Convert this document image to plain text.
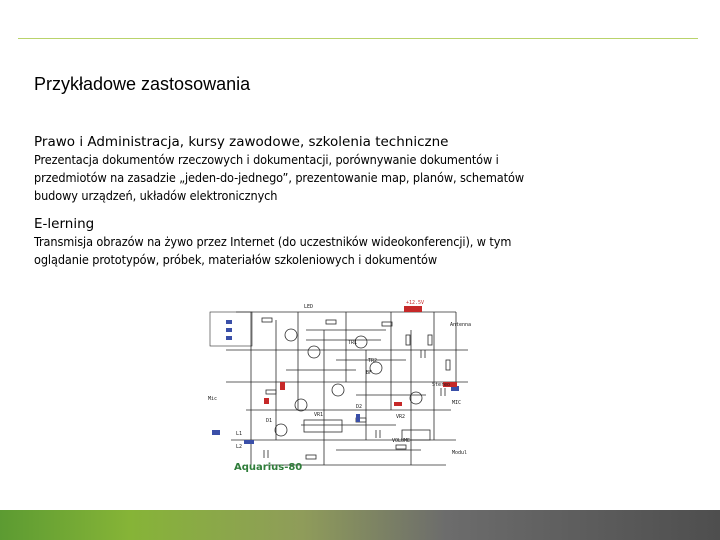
Przykładowe zastosowania
Prawo i Administracja, kursy zawodowe, szkolenia techniczne
Prezentacja dokumentów rzeczowych i dokumentacji, porównywanie dokumentów i
przedmiotów na zasadzie „jeden-do-jednego”, prezentowanie map, planów, schematów
budowy urządzeń, układów elektronicznych
E-lerning
Transmisja obrazów na żywo przez Internet (do uczestników wideokonferencji), w tym
oglądanie prototypów, próbek, materiałów szkoleniowych i dokumentów
LED
+12.5V
Antenna
TR1
TR2
BF
Mic
L1
L2
D1
D2
VOLUME
Stereo
MIC
Modul
VR1	VR2
Aquarius-80
